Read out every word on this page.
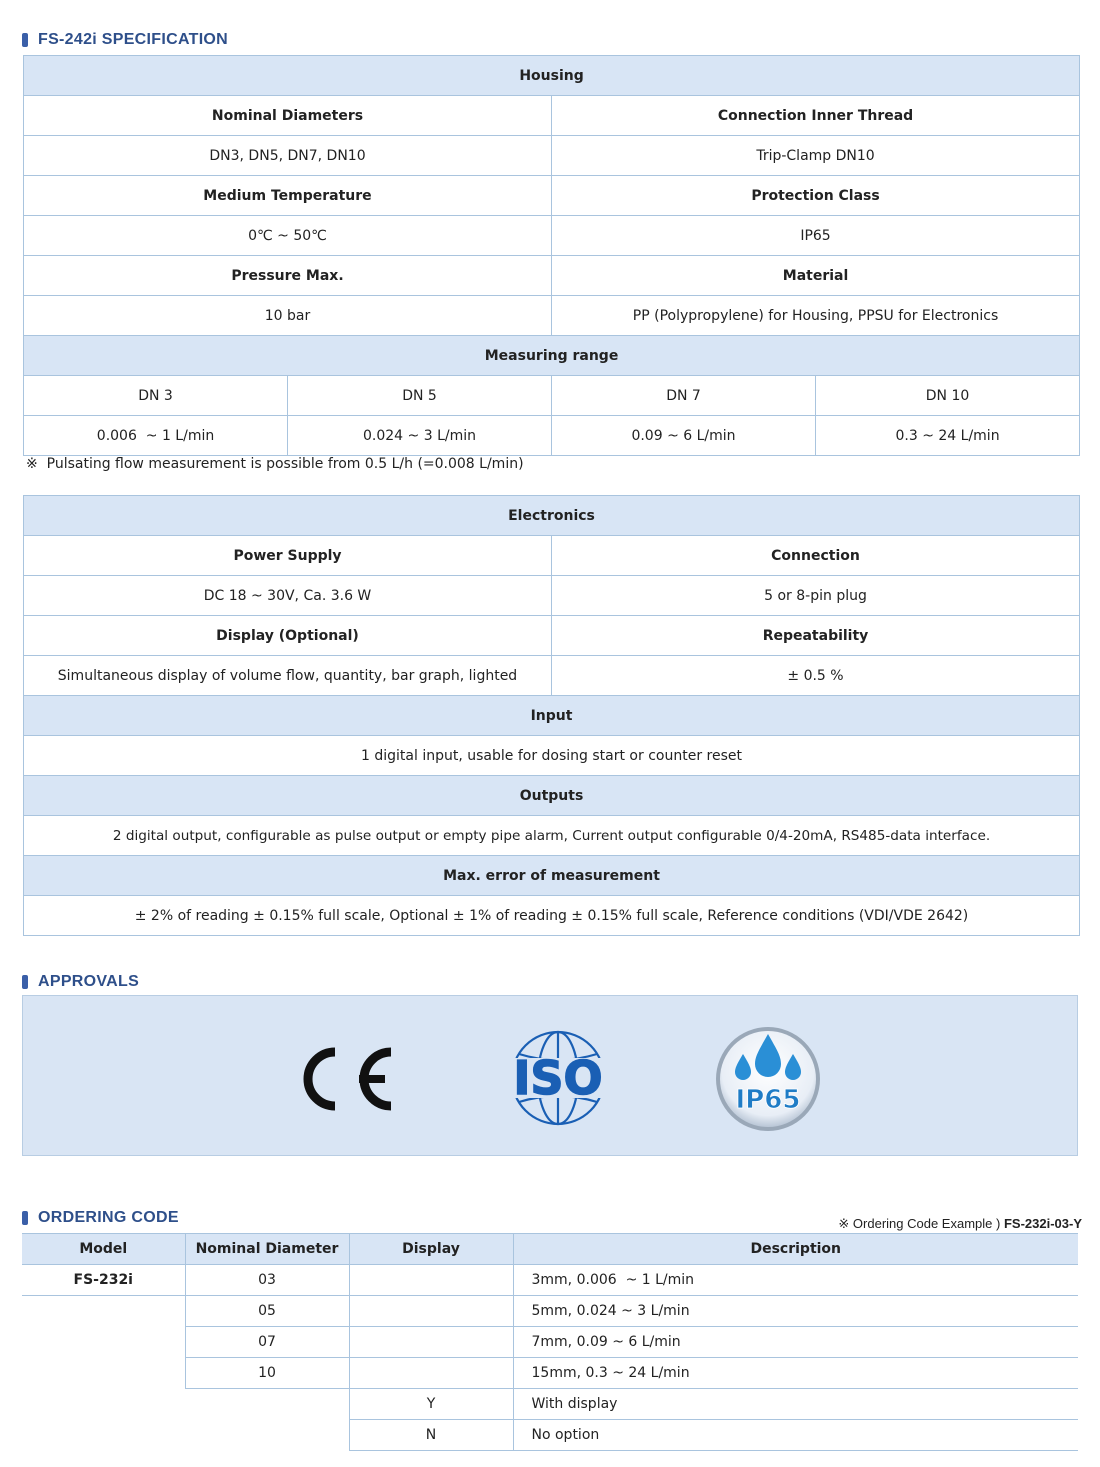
FS-242i SPECIFICATION
Housing			
Nominal Diameters		Connection Inner Thread	
DN3, DN5, DN7, DN10		Trip-Clamp DN10	
Medium Temperature		Protection Class	
0℃ ~ 50℃		IP65	
Pressure Max.		Material	
10 bar		PP (Polypropylene) for Housing, PPSU for Electronics	
Measuring range			
DN 3	DN 5	DN 7	DN 10
0.006  ~ 1 L/min	0.024 ~ 3 L/min	0.09 ~ 6 L/min	0.3 ~ 24 L/min
※  Pulsating flow measurement is possible from 0.5 L/h (=0.008 L/min)
Electronics	
Power Supply	Connection
DC 18 ~ 30V, Ca. 3.6 W	5 or 8-pin plug
Display (Optional)	Repeatability
Simultaneous display of volume flow, quantity, bar graph, lighted	± 0.5 %
Input	
1 digital input, usable for dosing start or counter reset	
Outputs	
2 digital output, configurable as pulse output or empty pipe alarm, Current output configurable 0/4-20mA, RS485-data interface.	
Max. error of measurement	
± 2% of reading ± 0.15% full scale, Optional ± 1% of reading ± 0.15% full scale, Reference conditions (VDI/VDE 2642)	
APPROVALS
ISO	IP65
ORDERING CODE	※ Ordering Code Example ) FS-232i-03-Y
Model	Nominal Diameter	Display	Description
FS-232i	03		3mm, 0.006  ~ 1 L/min
	05		5mm, 0.024 ~ 3 L/min
	07		7mm, 0.09 ~ 6 L/min
	10		15mm, 0.3 ~ 24 L/min
		Y	With display
		N	No option
